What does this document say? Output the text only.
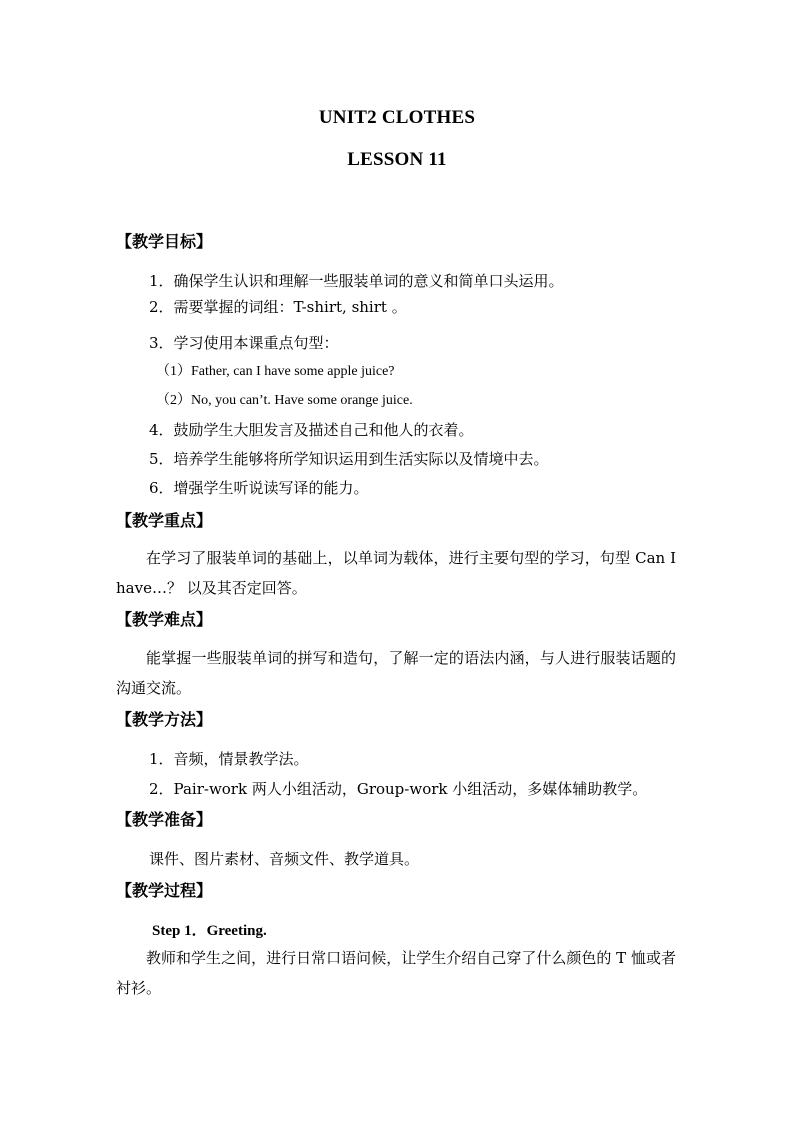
UNIT2 CLOTHES
LESSON 11
【教学目标】
1．确保学生认识和理解一些服装单词的意义和简单口头运用。
2．需要掌握的词组：T-shirt, shirt 。
3．学习使用本课重点句型：
（1）Father, can I have some apple juice?
（2）No, you can’t. Have some orange juice.
4．鼓励学生大胆发言及描述自己和他人的衣着。
5．培养学生能够将所学知识运用到生活实际以及情境中去。
6．增强学生听说读写译的能力。
【教学重点】
在学习了服装单词的基础上，以单词为载体，进行主要句型的学习，句型 Can I have…？ 以及其否定回答。
【教学难点】
能掌握一些服装单词的拼写和造句，了解一定的语法内涵，与人进行服装话题的沟通交流。
【教学方法】
1．音频，情景教学法。
2．Pair-work 两人小组活动，Group-work 小组活动，多媒体辅助教学。
【教学准备】
课件、图片素材、音频文件、教学道具。
【教学过程】
Step 1．Greeting.
教师和学生之间，进行日常口语问候，让学生介绍自己穿了什么颜色的 T 恤或者衬衫。
